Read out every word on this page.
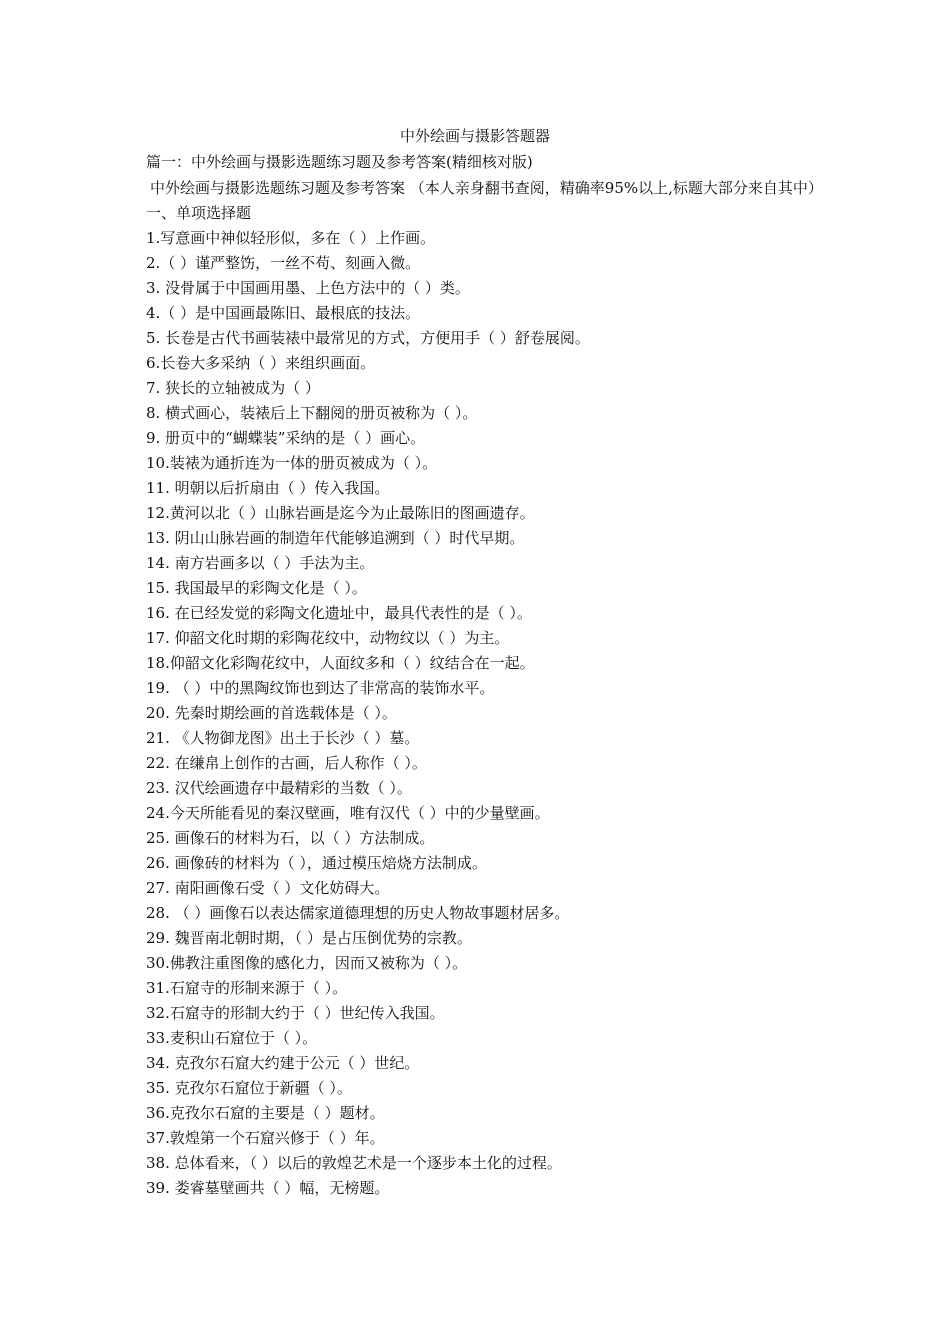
中外绘画与摄影答题器
篇一：中外绘画与摄影选题练习题及参考答案(精细核对版)
中外绘画与摄影选题练习题及参考答案 （本人亲身翻书查阅，精确率95%以上,标题大部分来自其中）
一、单项选择题
1.写意画中神似轻形似，多在（ ）上作画。
2.（ ）谨严整饬，一丝不苟、刻画入微。
3. 没骨属于中国画用墨、上色方法中的（ ）类。
4.（ ）是中国画最陈旧、最根底的技法。
5. 长卷是古代书画装裱中最常见的方式，方便用手（ ）舒卷展阅。
6.长卷大多采纳（ ）来组织画面。
7. 狭长的立轴被成为（ ）
8. 横式画心，装裱后上下翻阅的册页被称为（ ）。
9. 册页中的“蝴蝶装”采纳的是（ ）画心。
10.装裱为通折连为一体的册页被成为（ ）。
11. 明朝以后折扇由（ ）传入我国。
12.黄河以北（ ）山脉岩画是迄今为止最陈旧的图画遗存。
13. 阴山山脉岩画的制造年代能够追溯到（ ）时代早期。
14. 南方岩画多以（ ）手法为主。
15. 我国最早的彩陶文化是（ ）。
16. 在已经发觉的彩陶文化遗址中，最具代表性的是（ ）。
17. 仰韶文化时期的彩陶花纹中，动物纹以（ ）为主。
18.仰韶文化彩陶花纹中，人面纹多和（ ）纹结合在一起。
19. （ ）中的黑陶纹饰也到达了非常高的装饰水平。
20. 先秦时期绘画的首选载体是（ ）。
21. 《人物御龙图》出土于长沙（ ）墓。
22. 在缣帛上创作的古画，后人称作（ ）。
23. 汉代绘画遗存中最精彩的当数（ ）。
24.今天所能看见的秦汉壁画，唯有汉代（ ）中的少量壁画。
25. 画像石的材料为石，以（ ）方法制成。
26. 画像砖的材料为（ ），通过模压焙烧方法制成。
27. 南阳画像石受（ ）文化妨碍大。
28. （ ）画像石以表达儒家道德理想的历史人物故事题材居多。
29. 魏晋南北朝时期，（ ）是占压倒优势的宗教。
30.佛教注重图像的感化力，因而又被称为（ ）。
31.石窟寺的形制来源于（ ）。
32.石窟寺的形制大约于（ ）世纪传入我国。
33.麦积山石窟位于（ ）。
34. 克孜尔石窟大约建于公元（ ）世纪。
35. 克孜尔石窟位于新疆（ ）。
36.克孜尔石窟的主要是（ ）题材。
37.敦煌第一个石窟兴修于（ ）年。
38. 总体看来，（ ）以后的敦煌艺术是一个逐步本土化的过程。
39. 娄睿墓壁画共（ ）幅，无榜题。
